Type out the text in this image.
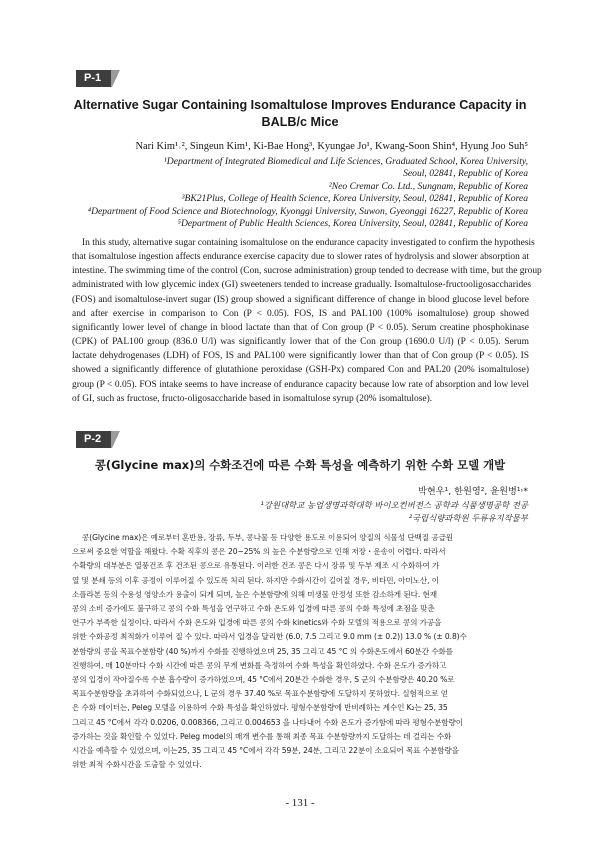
P-1
Alternative Sugar Containing Isomaltulose Improves Endurance Capacity in BALB/c Mice
Nari Kim¹˒², Singeun Kim¹, Ki-Bae Hong³, Kyungae Jo¹, Kwang-Soon Shin⁴, Hyung Joo Suh⁵
¹Department of Integrated Biomedical and Life Sciences, Graduated School, Korea University,
Seoul, 02841, Republic of Korea
²Neo Cremar Co. Ltd., Sungnam, Republic of Korea
³BK21Plus, College of Health Science, Korea University, Seoul, 02841, Republic of Korea
⁴Department of Food Science and Biotechnology, Kyonggi University, Suwon, Gyeonggi 16227, Republic of Korea
⁵Department of Public Health Sciences, Korea University, Seoul, 02841, Republic of Korea
In this study, alternative sugar containing isomaltulose on the endurance capacity investigated to confirm the hypothesis
that isomaltulose ingestion affects endurance exercise capacity due to slower rates of hydrolysis and slower absorption at
intestine. The swimming time of the control (Con, sucrose administration) group tended to decrease with time, but the group
administrated with low glycemic index (GI) sweeteners tended to increase gradually. Isomaltulose-fructooligosaccharides
(FOS) and isomaltulose-invert sugar (IS) group showed a significant difference of change in blood glucose level before
and after exercise in comparison to Con (P < 0.05). FOS, IS and PAL100 (100% isomaltulose) group showed
significantly lower level of change in blood lactate than that of Con group (P < 0.05). Serum creatine phosphokinase
(CPK) of PAL100 group (836.0 U/l) was significantly lower that of the Con group (1690.0 U/l) (P < 0.05). Serum
lactate dehydrogenases (LDH) of FOS, IS and PAL100 were significantly lower than that of Con group (P < 0.05). IS
showed a significantly difference of glutathione peroxidase (GSH-Px) compared Con and PAL20 (20% isomaltulose)
group (P < 0.05). FOS intake seems to have increase of endurance capacity because low rate of absorption and low level
of GI, such as fructose, fructo-oligosaccharide based in isomaltulose syrup (20% isomaltulose).
P-2
콩(Glycine max)의 수화조건에 따른 수화 특성을 예측하기 위한 수화 모델 개발
박현우¹, 한원영², 윤원병¹˒*
¹강원대학교 농업생명과학대학 바이오컨버전스 공학과 식품생명공학 전공
²국립식량과학원 두류유지작물부
콩(Glycine max)은 예로부터 혼반용, 장류, 두부, 콩나물 등 다양한 용도로 이용되어 양질의 식물성 단백질 공급원
으로써 중요한 역할을 해왔다. 수확 직후의 콩은 20~25% 의 높은 수분함량으로 인해 저장・운송이 어렵다. 따라서
수확량의 대부분은 열풍건조 후 건조된 콩으로 유통된다. 이러한 건조 콩은 다시 장류 및 두부 제조 시 수화하여 가
열 및 분쇄 등의 이후 공정이 이루어질 수 있도록 처리 된다. 하지만 수화시간이 길어질 경우, 비타민, 아미노산, 이
소플라본 등의 수용성 영양소가 용출이 되게 되며, 높은 수분함량에 의해 미생물 안정성 또한 감소하게 된다. 현재
콩의 소비 증가에도 불구하고 콩의 수화 특성을 연구하고 수화 온도와 입경에 따른 콩의 수화 특성에 초점을 맞춘
연구가 부족한 실정이다. 따라서 수화 온도와 입경에 따른 콩의 수화 kinetics와 수화 모델의 적용으로 콩의 가공을
위한 수화공정 최적화가 이루어 질 수 있다. 따라서 입경을 달리한 (6.0, 7.5 그리고 9.0 mm (± 0.2)) 13.0 % (± 0.8)수
분함량의 콩을 목표수분함량 (40 %)까지 수화를 진행하였으며 25, 35 그리고 45 °C 의 수화온도에서 60분간 수화를
진행하여, 매 10분마다 수화 시간에 따른 콩의 무게 변화를 측정하여 수화 특성을 확인하였다. 수화 온도가 증가하고
콩의 입경이 작아질수록 수분 흡수량이 증가하였으며, 45 °C에서 20분간 수화한 경우, S 군의 수분함량은 40.20 %로
목표수분함량을 초과하여 수화되었으나, L 군의 경우 37.40 %로 목표수분함량에 도달하지 못하였다. 실험적으로 얻
은 수화 데이터는, Peleg 모델을 이용하여 수화 특성을 확인하였다. 평형수분함량에 반비례하는 계수인 K₂는 25, 35
그리고 45 °C에서 각각 0.0206, 0.008366, 그리고 0.004653 을 나타내어 수화 온도가 증가함에 따라 평형수분함량이
증가하는 것을 확인할 수 있었다. Peleg model의 매개 변수를 통해 최종 목표 수분함량까지 도달하는 데 걸리는 수화
시간을 예측할 수 있었으며, 이는25, 35 그리고 45 °C에서 각각 59분, 24분, 그리고 22분이 소요되어 목표 수분함량을
위한 최적 수화시간을 도출할 수 있었다.
- 131 -
